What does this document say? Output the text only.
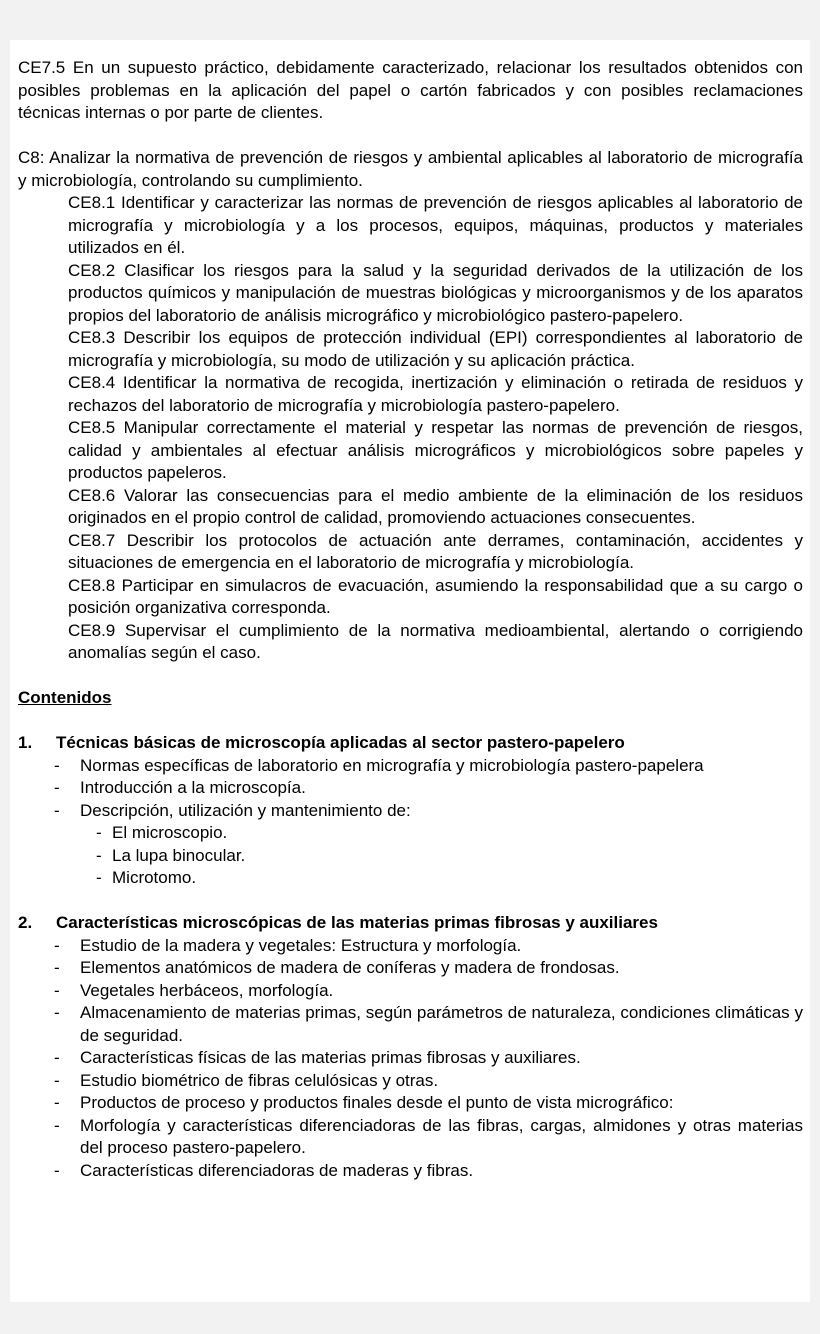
CE7.5 En un supuesto práctico, debidamente caracterizado, relacionar los resultados obtenidos con posibles problemas en la aplicación del papel o cartón fabricados y con posibles reclamaciones técnicas internas o por parte de clientes.

C8: Analizar la normativa de prevención de riesgos y ambiental aplicables al laboratorio de micrografía y microbiología, controlando su cumplimiento.

CE8.1 Identificar y caracterizar las normas de prevención de riesgos aplicables al laboratorio de micrografía y microbiología y a los procesos, equipos, máquinas, productos y materiales utilizados en él.

CE8.2 Clasificar los riesgos para la salud y la seguridad derivados de la utilización de los productos químicos y manipulación de muestras biológicas y microorganismos y de los aparatos propios del laboratorio de análisis micrográfico y microbiológico pastero-papelero.

CE8.3 Describir los equipos de protección individual (EPI) correspondientes al laboratorio de micrografía y microbiología, su modo de utilización y su aplicación práctica.

CE8.4 Identificar la normativa de recogida, inertización y eliminación o retirada de residuos y rechazos del laboratorio de micrografía y microbiología pastero-papelero.

CE8.5 Manipular correctamente el material y respetar las normas de prevención de riesgos, calidad y ambientales al efectuar análisis micrográficos y microbiológicos sobre papeles y productos papeleros.

CE8.6 Valorar las consecuencias para el medio ambiente de la eliminación de los residuos originados en el propio control de calidad, promoviendo actuaciones consecuentes.

CE8.7 Describir los protocolos de actuación ante derrames, contaminación, accidentes y situaciones de emergencia en el laboratorio de micrografía y microbiología.

CE8.8 Participar en simulacros de evacuación, asumiendo la responsabilidad que a su cargo o posición organizativa corresponda.

CE8.9 Supervisar el cumplimiento de la normativa medioambiental, alertando o corrigiendo anomalías según el caso.

Contenidos
1.	Técnicas básicas de microscopía aplicadas al sector pastero-papelero
-	Normas específicas de laboratorio en micrografía y microbiología pastero-papelera
-	Introducción a la microscopía.
-	Descripción, utilización y mantenimiento de:
- El microscopio.
- La lupa binocular.
- Microtomo.
2.	Características microscópicas de las materias primas fibrosas y auxiliares
-	Estudio de la madera y vegetales: Estructura y morfología.
-	Elementos anatómicos de madera de coníferas y madera de frondosas.
-	Vegetales herbáceos, morfología.
-	Almacenamiento de materias primas, según parámetros de naturaleza, condiciones climáticas y de seguridad.
-	Características físicas de las materias primas fibrosas y auxiliares.
-	Estudio biométrico de fibras celulósicas y otras.
-	Productos de proceso y productos finales desde el punto de vista micrográfico:
-	Morfología y características diferenciadoras de las fibras, cargas, almidones y otras materias del proceso pastero-papelero.
-	Características diferenciadoras de maderas y fibras.
